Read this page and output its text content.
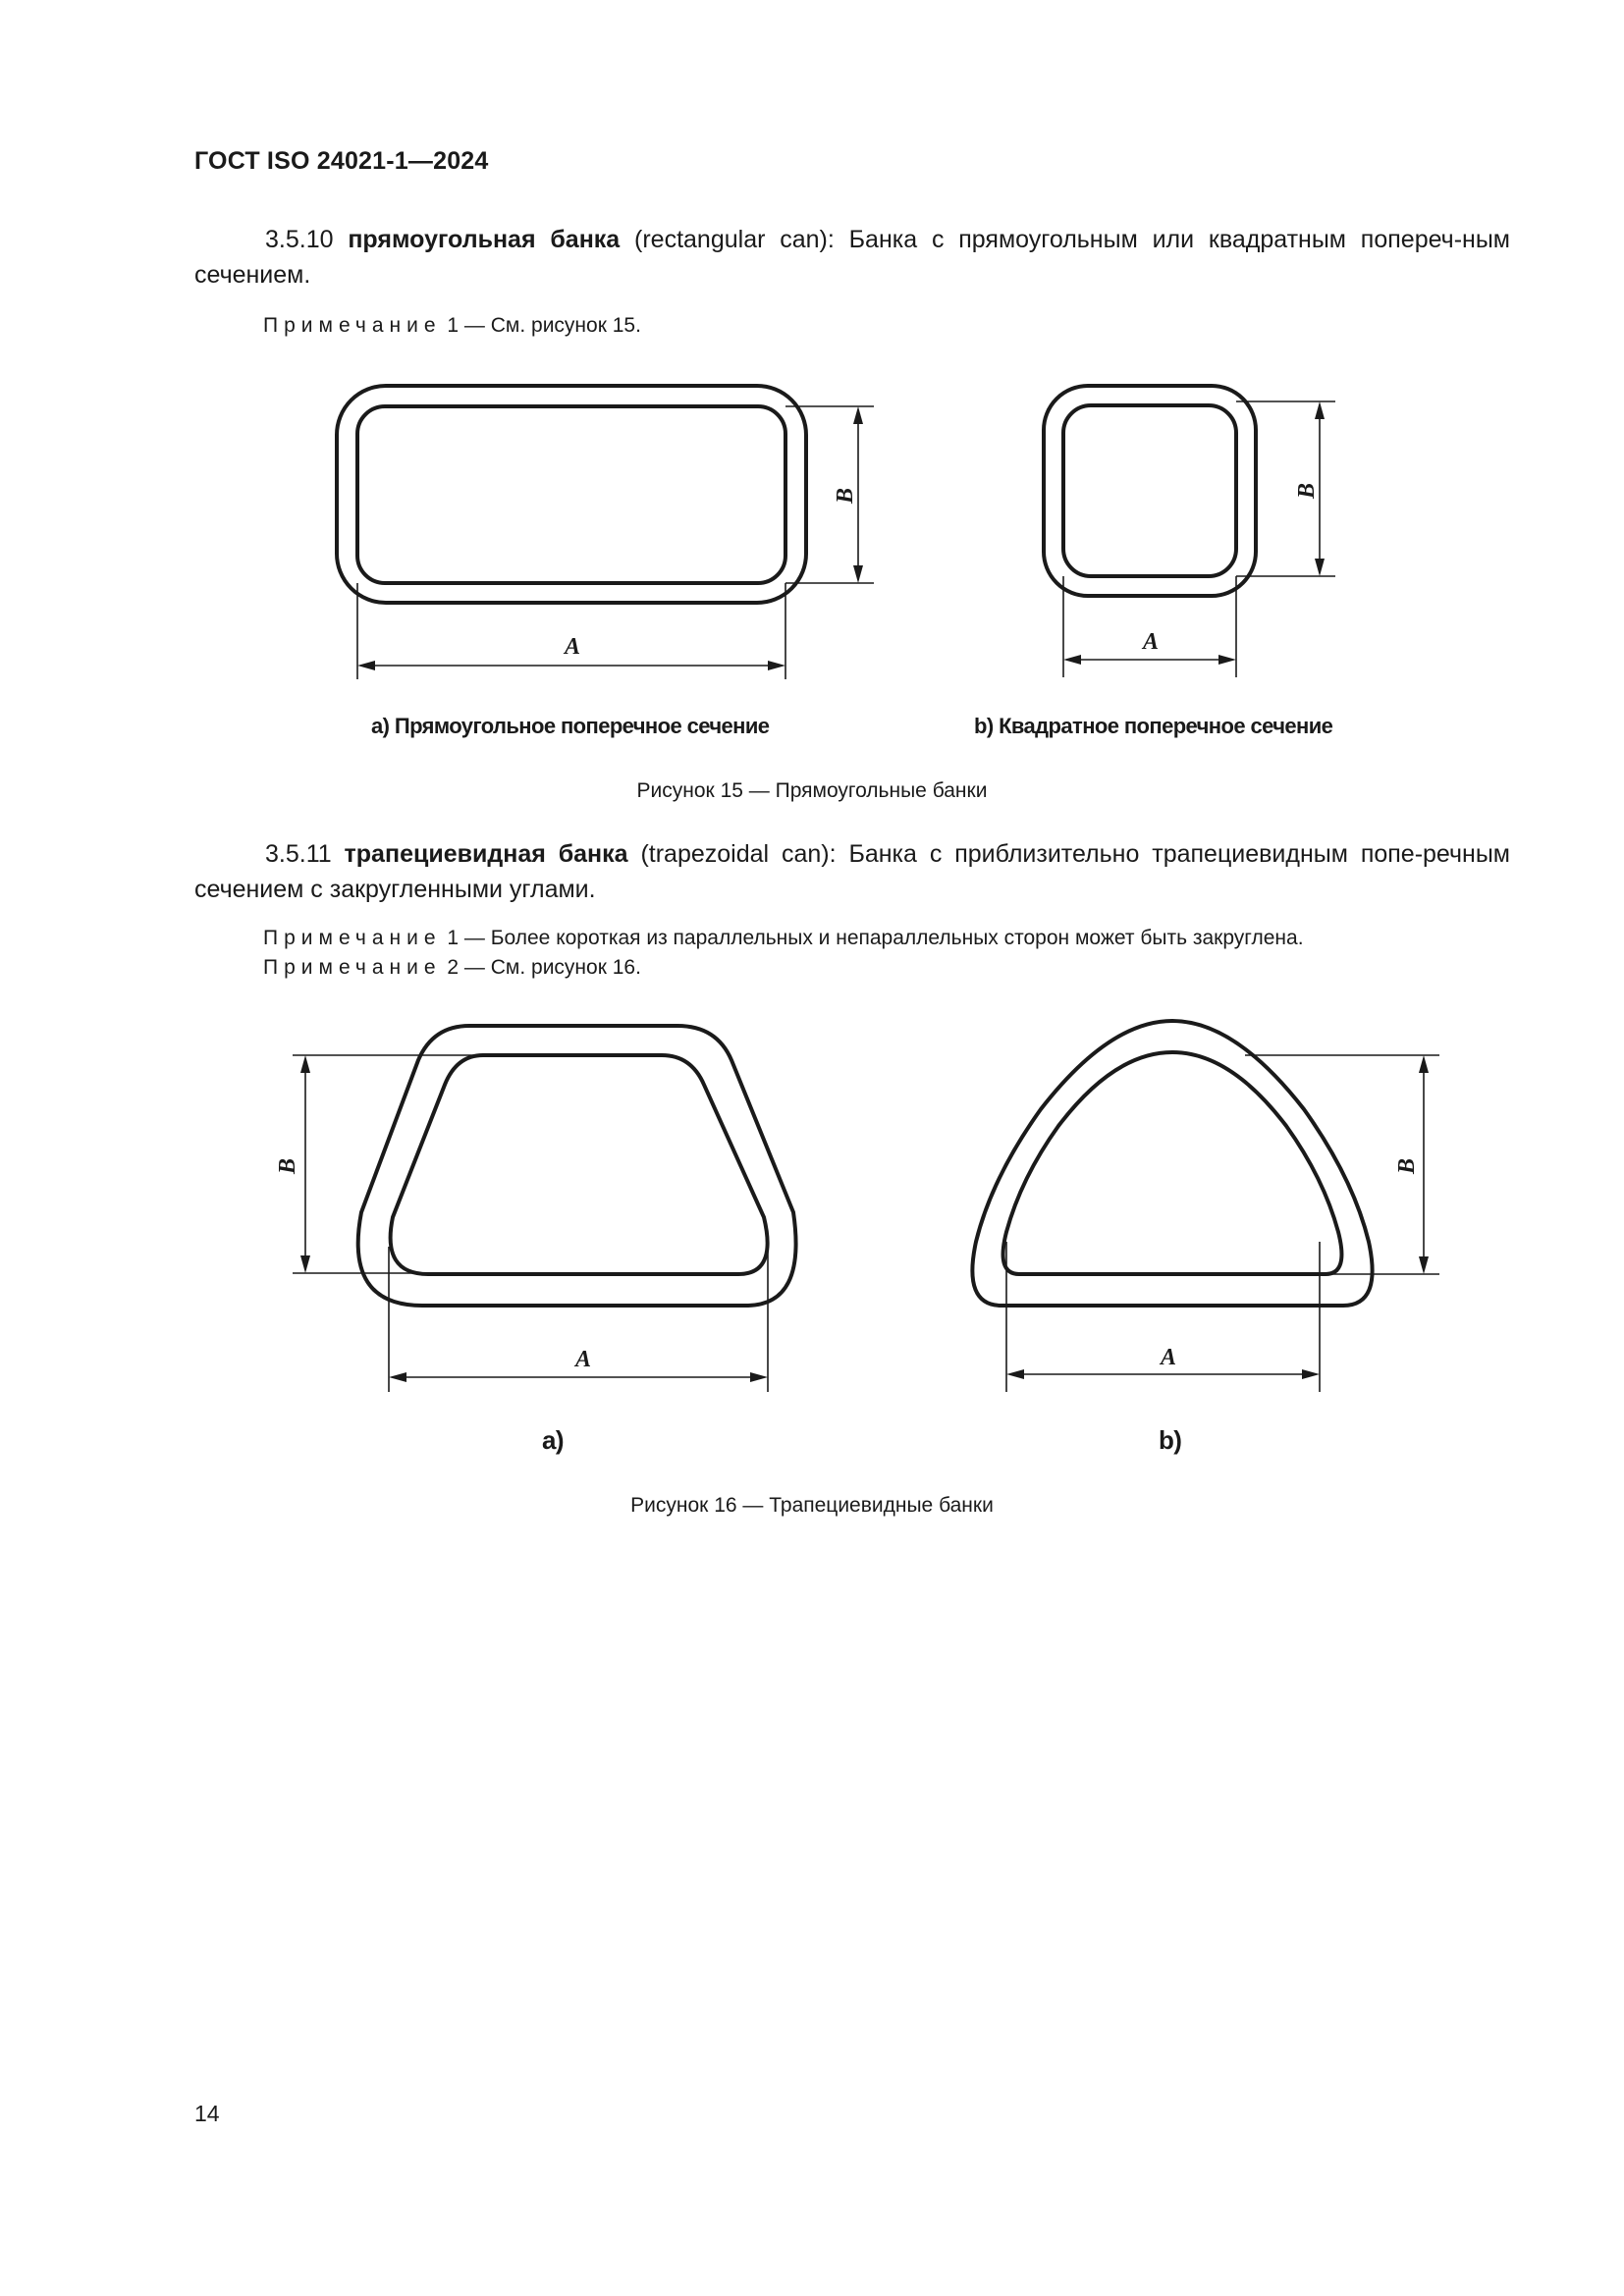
ГОСТ ISO 24021-1—2024
3.5.10 прямоугольная банка (rectangular can): Банка с прямоугольным или квадратным попереч-ным сечением.
Примечание 1 — См. рисунок 15.
A
B
A
B
A
B
A
B
a) Прямоугольное поперечное сечение	b) Квадратное поперечное сечение
Рисунок 15 — Прямоугольные банки
3.5.11 трапециевидная банка (trapezoidal can): Банка с приблизительно трапециевидным попе-речным сечением с закругленными углами.
Примечание 1 — Более короткая из параллельных и непараллельных сторон может быть закруглена.
Примечание 2 — См. рисунок 16.
a)	b)
Рисунок 16 — Трапециевидные банки
14
